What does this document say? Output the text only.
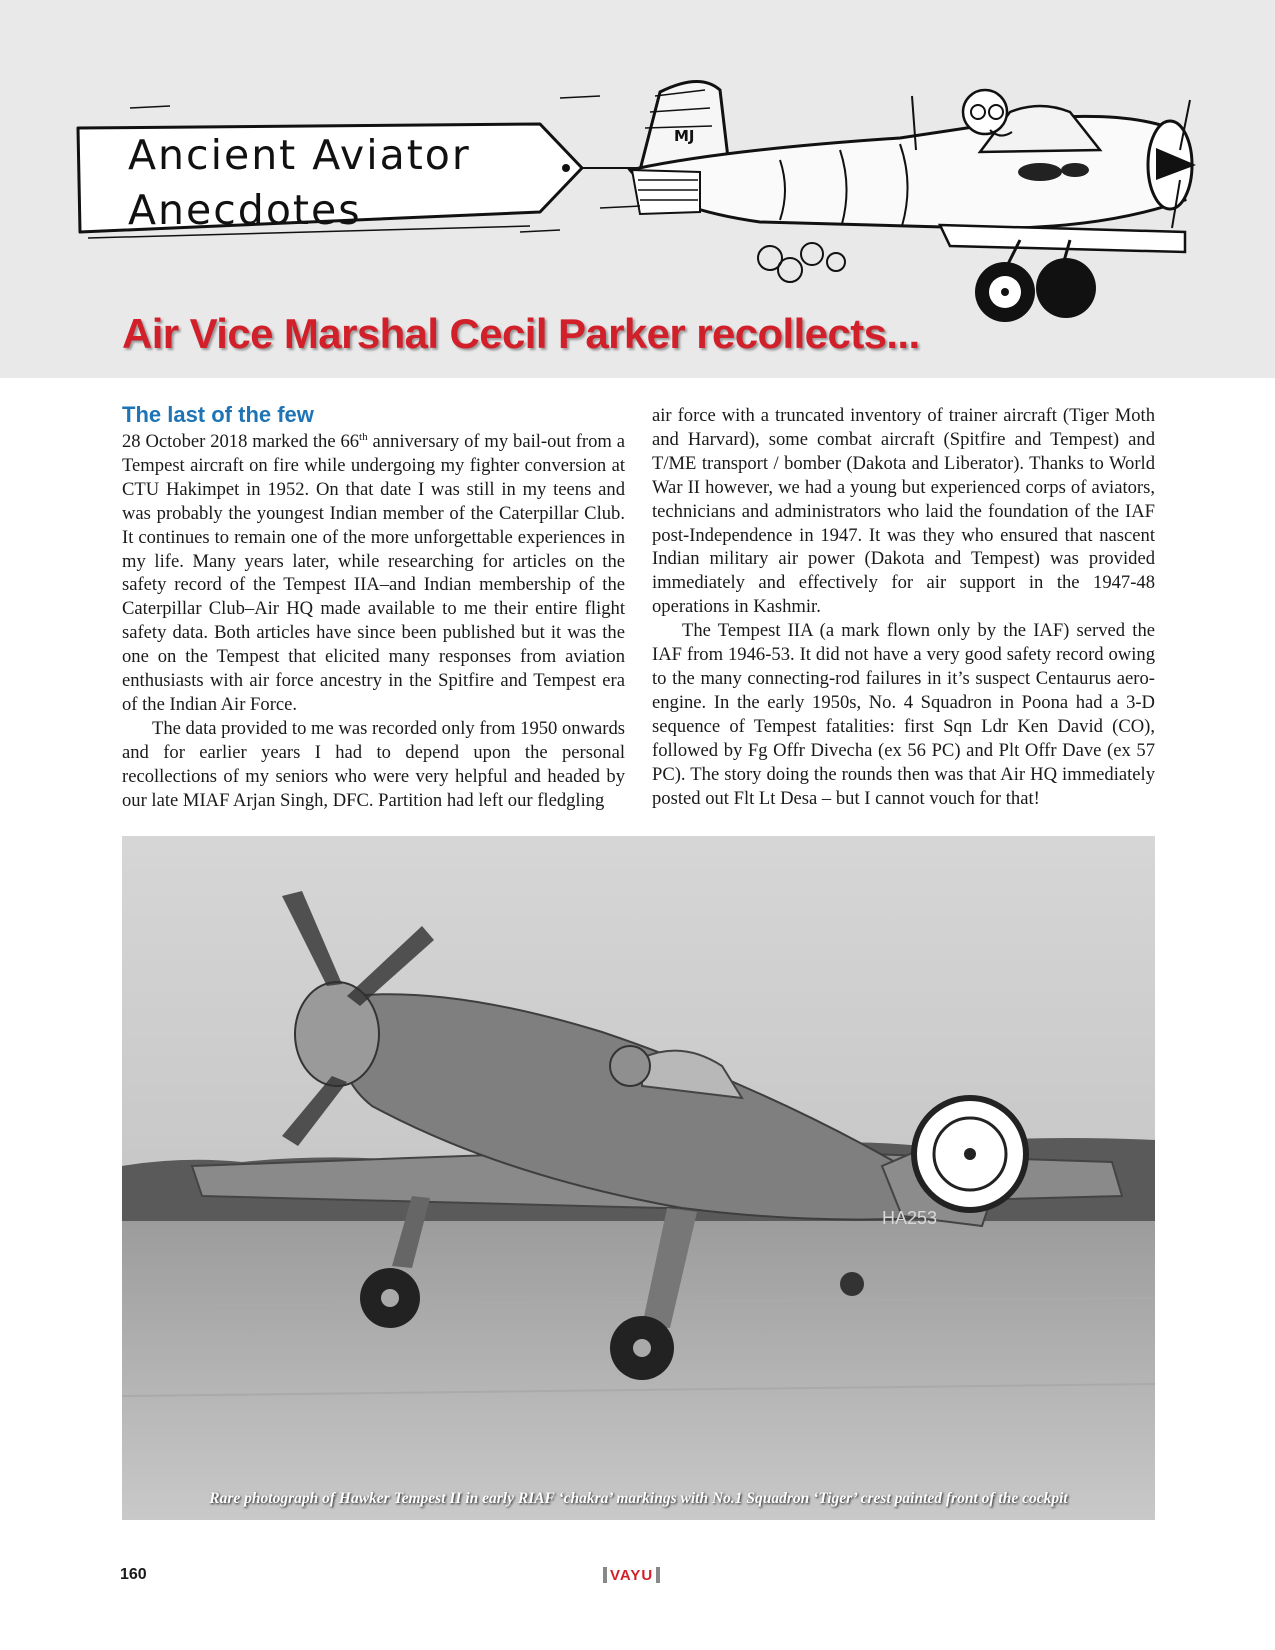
MJ
Ancient Aviator
Anecdotes
Air Vice Marshal Cecil Parker recollects...
The last of the few

28 October 2018 marked the 66th anniversary of my bail-out from a Tempest aircraft on fire while undergoing my fighter conversion at CTU Hakimpet in 1952. On that date I was still in my teens and was probably the youngest Indian member of the Caterpillar Club. It continues to remain one of the more unforgettable experiences in my life. Many years later, while researching for articles on the safety record of the Tempest IIA–and Indian membership of the Caterpillar Club–Air HQ made available to me their entire flight safety data. Both articles have since been published but it was the one on the Tempest that elicited many responses from aviation enthusiasts with air force ancestry in the Spitfire and Tempest era of the Indian Air Force.

The data provided to me was recorded only from 1950 onwards and for earlier years I had to depend upon the personal recollections of my seniors who were very helpful and headed by our late MIAF Arjan Singh, DFC. Partition had left our fledgling

air force with a truncated inventory of trainer aircraft (Tiger Moth and Harvard), some combat aircraft (Spitfire and Tempest) and T/ME transport / bomber (Dakota and Liberator). Thanks to World War II however, we had a young but experienced corps of aviators, technicians and administrators who laid the foundation of the IAF post-Independence in 1947. It was they who ensured that nascent Indian military air power (Dakota and Tempest) was provided immediately and effectively for air support in the 1947-48 operations in Kashmir.

The Tempest IIA (a mark flown only by the IAF) served the IAF from 1946-53. It did not have a very good safety record owing to the many connecting-rod failures in it’s suspect Centaurus aero-engine. In the early 1950s, No. 4 Squadron in Poona had a 3-D sequence of Tempest fatalities: first Sqn Ldr Ken David (CO), followed by Fg Offr Divecha (ex 56 PC) and Plt Offr Dave (ex 57 PC). The story doing the rounds then was that Air HQ immediately posted out Flt Lt Desa – but I cannot vouch for that!

HA253
Rare photograph of Hawker Tempest II in early RIAF ‘chakra’ markings with No.1 Squadron ‘Tiger’ crest painted front of the cockpit
160	VAYU
